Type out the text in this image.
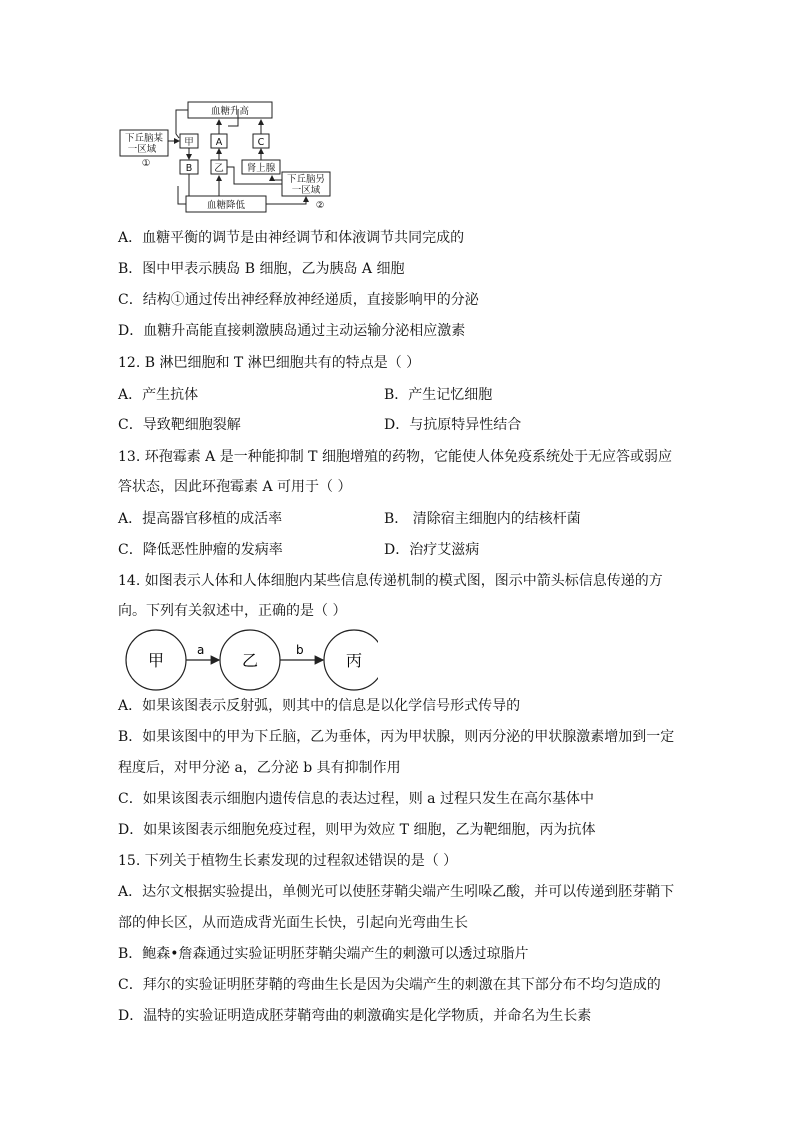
血糖升高
血糖降低
下丘脑某
一区域
①
甲
B
A
乙
C
肾上腺
下丘脑另
一区域
②
A．血糖平衡的调节是由神经调节和体液调节共同完成的
B．图中甲表示胰岛 B 细胞，乙为胰岛 A 细胞
C．结构①通过传出神经释放神经递质，直接影响甲的分泌
D．血糖升高能直接刺激胰岛通过主动运输分泌相应激素
12. B 淋巴细胞和 T 淋巴细胞共有的特点是（ ）
A．产生抗体	B．产生记忆细胞
C．导致靶细胞裂解	D．与抗原特异性结合
13. 环孢霉素 A 是一种能抑制 T 细胞增殖的药物，它能使人体免疫系统处于无应答或弱应
答状态，因此环孢霉素 A 可用于（ ）
A．提高器官移植的成活率	B． 清除宿主细胞内的结核杆菌
C．降低恶性肿瘤的发病率	D．治疗艾滋病
14. 如图表示人体和人体细胞内某些信息传递机制的模式图，图示中箭头标信息传递的方
向。下列有关叙述中，正确的是（ ）
甲	乙	丙
a	b
A．如果该图表示反射弧，则其中的信息是以化学信号形式传导的
B．如果该图中的甲为下丘脑，乙为垂体，丙为甲状腺，则丙分泌的甲状腺激素增加到一定
程度后，对甲分泌 a，乙分泌 b 具有抑制作用
C．如果该图表示细胞内遗传信息的表达过程，则 a 过程只发生在高尔基体中
D．如果该图表示细胞免疫过程，则甲为效应 T 细胞，乙为靶细胞，丙为抗体
15. 下列关于植物生长素发现的过程叙述错误的是（ ）
A．达尔文根据实验提出，单侧光可以使胚芽鞘尖端产生吲哚乙酸，并可以传递到胚芽鞘下
部的伸长区，从而造成背光面生长快，引起向光弯曲生长
B．鲍森•詹森通过实验证明胚芽鞘尖端产生的刺激可以透过琼脂片
C．拜尔的实验证明胚芽鞘的弯曲生长是因为尖端产生的刺激在其下部分布不均匀造成的
D．温特的实验证明造成胚芽鞘弯曲的刺激确实是化学物质，并命名为生长素
